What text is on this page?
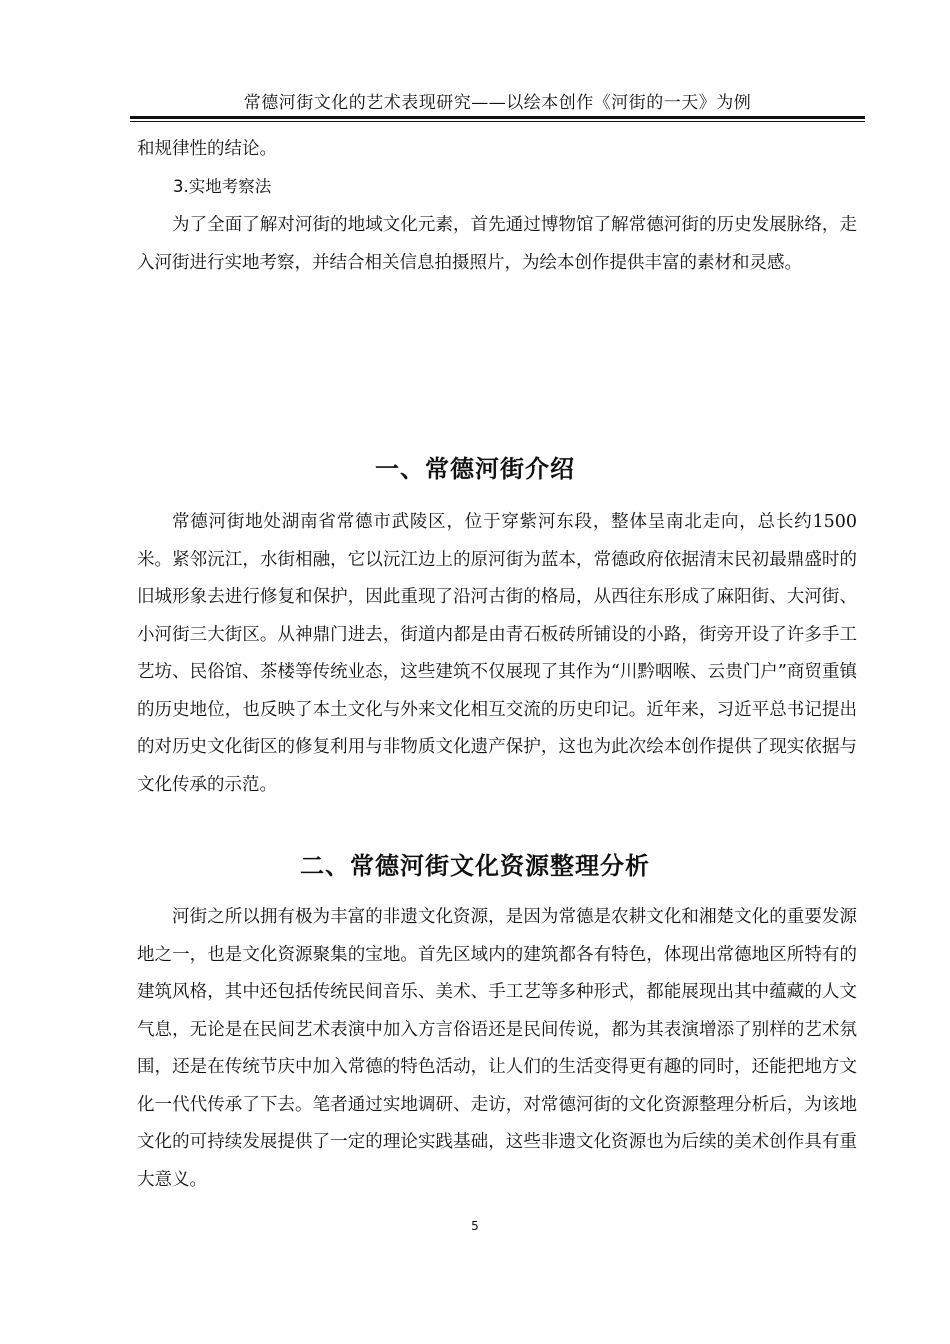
常德河街文化的艺术表现研究——以绘本创作《河街的一天》为例

和规律性的结论。

3.实地考察法

为了全面了解对河街的地域文化元素，首先通过博物馆了解常德河街的历史发展脉络，走入河街进行实地考察，并结合相关信息拍摄照片，为绘本创作提供丰富的素材和灵感。

一、常德河街介绍

常德河街地处湖南省常德市武陵区，位于穿紫河东段，整体呈南北走向，总长约1500米。紧邻沅江，水街相融，它以沅江边上的原河街为蓝本，常德政府依据清末民初最鼎盛时的旧城形象去进行修复和保护，因此重现了沿河古街的格局，从西往东形成了麻阳街、大河街、小河街三大街区。从神鼎门进去，街道内都是由青石板砖所铺设的小路，街旁开设了许多手工艺坊、民俗馆、茶楼等传统业态，这些建筑不仅展现了其作为“川黔咽喉、云贵门户”商贸重镇的历史地位，也反映了本土文化与外来文化相互交流的历史印记。近年来，习近平总书记提出的对历史文化街区的修复利用与非物质文化遗产保护，这也为此次绘本创作提供了现实依据与文化传承的示范。

二、常德河街文化资源整理分析

河街之所以拥有极为丰富的非遗文化资源，是因为常德是农耕文化和湘楚文化的重要发源地之一，也是文化资源聚集的宝地。首先区域内的建筑都各有特色，体现出常德地区所特有的建筑风格，其中还包括传统民间音乐、美术、手工艺等多种形式，都能展现出其中蕴藏的人文气息，无论是在民间艺术表演中加入方言俗语还是民间传说，都为其表演增添了别样的艺术氛围，还是在传统节庆中加入常德的特色活动，让人们的生活变得更有趣的同时，还能把地方文化一代代传承了下去。笔者通过实地调研、走访，对常德河街的文化资源整理分析后，为该地文化的可持续发展提供了一定的理论实践基础，这些非遗文化资源也为后续的美术创作具有重大意义。

5
